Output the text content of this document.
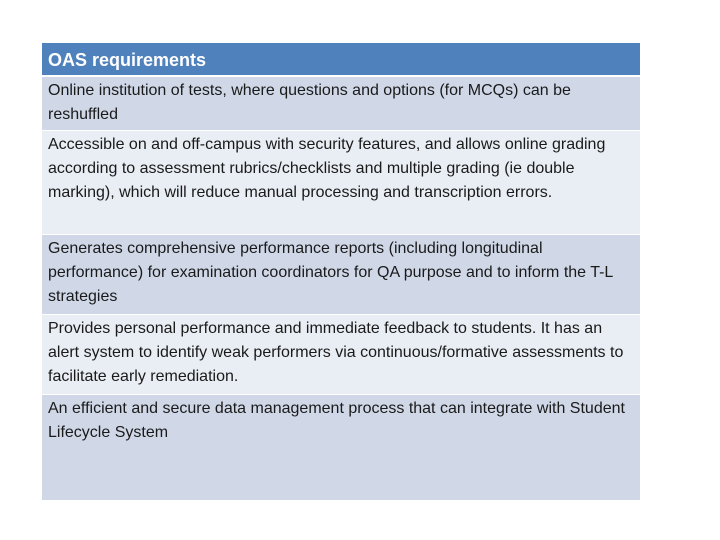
OAS requirements
Online institution of tests, where questions and options (for MCQs) can be reshuffled
Accessible on and off-campus with security features, and allows online grading according to assessment rubrics/checklists and multiple grading (ie double marking), which will reduce manual processing and transcription errors.
Generates comprehensive performance reports (including longitudinal performance) for examination coordinators for QA purpose and to inform the T-L strategies
Provides personal performance and immediate feedback to students. It has an alert system to identify weak performers via continuous/formative assessments to facilitate early remediation.
An efficient and secure data management process that can integrate with Student Lifecycle System
